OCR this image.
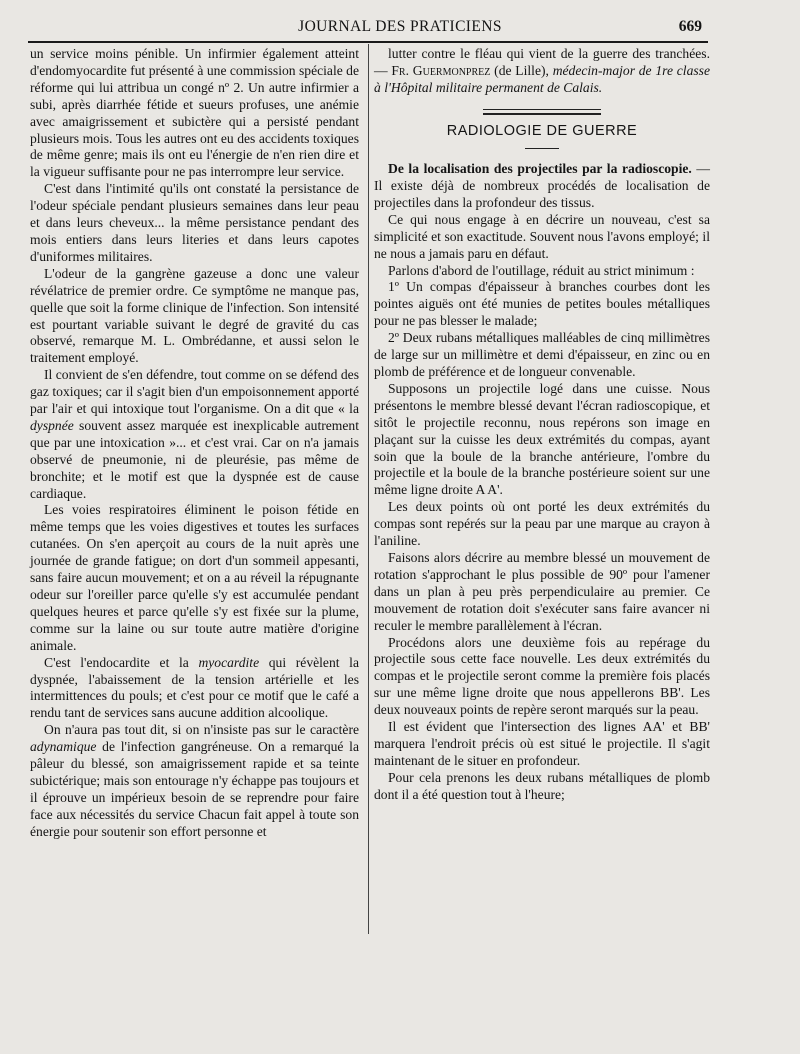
JOURNAL DES PRATICIENS	669

un service moins pénible. Un infirmier également atteint d'endomyocardite fut présenté à une commission spéciale de réforme qui lui attribua un congé nº 2. Un autre infirmier a subi, après diarrhée fétide et sueurs profuses, une anémie avec amaigrissement et subictère qui a persisté pendant plusieurs mois. Tous les autres ont eu des accidents toxiques de même genre; mais ils ont eu l'énergie de n'en rien dire et la vigueur suffisante pour ne pas interrompre leur service.

C'est dans l'intimité qu'ils ont constaté la persistance de l'odeur spéciale pendant plusieurs semaines dans leur peau et dans leurs cheveux... la même persistance pendant des mois entiers dans leurs literies et dans leurs capotes d'uniformes militaires.

L'odeur de la gangrène gazeuse a donc une valeur révélatrice de premier ordre. Ce symptôme ne manque pas, quelle que soit la forme clinique de l'infection. Son intensité est pourtant variable suivant le degré de gravité du cas observé, remarque M. L. Ombrédanne, et aussi selon le traitement employé.

Il convient de s'en défendre, tout comme on se défend des gaz toxiques; car il s'agit bien d'un empoisonnement apporté par l'air et qui intoxique tout l'organisme. On a dit que « la dyspnée souvent assez marquée est inexplicable autrement que par une intoxication »... et c'est vrai. Car on n'a jamais observé de pneumonie, ni de pleurésie, pas même de bronchite; et le motif est que la dyspnée est de cause cardiaque.

Les voies respiratoires éliminent le poison fétide en même temps que les voies digestives et toutes les surfaces cutanées. On s'en aperçoit au cours de la nuit après une journée de grande fatigue; on dort d'un sommeil appesanti, sans faire aucun mouvement; et on a au réveil la répugnante odeur sur l'oreiller parce qu'elle s'y est accumulée pendant quelques heures et parce qu'elle s'y est fixée sur la plume, comme sur la laine ou sur toute autre matière d'origine animale.

C'est l'endocardite et la myocardite qui révèlent la dyspnée, l'abaissement de la tension artérielle et les intermittences du pouls; et c'est pour ce motif que le café a rendu tant de services sans aucune addition alcoolique.

On n'aura pas tout dit, si on n'insiste pas sur le caractère adynamique de l'infection gangréneuse. On a remarqué la pâleur du blessé, son amaigrissement rapide et sa teinte subictérique; mais son entourage n'y échappe pas toujours et il éprouve un impérieux besoin de se reprendre pour faire face aux nécessités du service Chacun fait appel à toute son énergie pour soutenir son effort personne et

lutter contre le fléau qui vient de la guerre des tranchées. — Fr. Guermonprez (de Lille), médecin-major de 1re classe à l'Hôpital militaire permanent de Calais.

RADIOLOGIE DE GUERRE

De la localisation des projectiles par la radioscopie. — Il existe déjà de nombreux procédés de localisation de projectiles dans la profondeur des tissus.

Ce qui nous engage à en décrire un nouveau, c'est sa simplicité et son exactitude. Souvent nous l'avons employé; il ne nous a jamais paru en défaut.

Parlons d'abord de l'outillage, réduit au strict minimum :

1º Un compas d'épaisseur à branches courbes dont les pointes aiguës ont été munies de petites boules métalliques pour ne pas blesser le malade;

2º Deux rubans métalliques malléables de cinq millimètres de large sur un millimètre et demi d'épaisseur, en zinc ou en plomb de préférence et de longueur convenable.

Supposons un projectile logé dans une cuisse. Nous présentons le membre blessé devant l'écran radioscopique, et sitôt le projectile reconnu, nous repérons son image en plaçant sur la cuisse les deux extrémités du compas, ayant soin que la boule de la branche antérieure, l'ombre du projectile et la boule de la branche postérieure soient sur une même ligne droite A A'.

Les deux points où ont porté les deux extrémités du compas sont repérés sur la peau par une marque au crayon à l'aniline.

Faisons alors décrire au membre blessé un mouvement de rotation s'approchant le plus possible de 90º pour l'amener dans un plan à peu près perpendiculaire au premier. Ce mouvement de rotation doit s'exécuter sans faire avancer ni reculer le membre parallèlement à l'écran.

Procédons alors une deuxième fois au repérage du projectile sous cette face nouvelle. Les deux extrémités du compas et le projectile seront comme la première fois placés sur une même ligne droite que nous appellerons BB'. Les deux nouveaux points de repère seront marqués sur la peau.

Il est évident que l'intersection des lignes AA' et BB' marquera l'endroit précis où est situé le projectile. Il s'agit maintenant de le situer en profondeur.

Pour cela prenons les deux rubans métalliques de plomb dont il a été question tout à l'heure;
